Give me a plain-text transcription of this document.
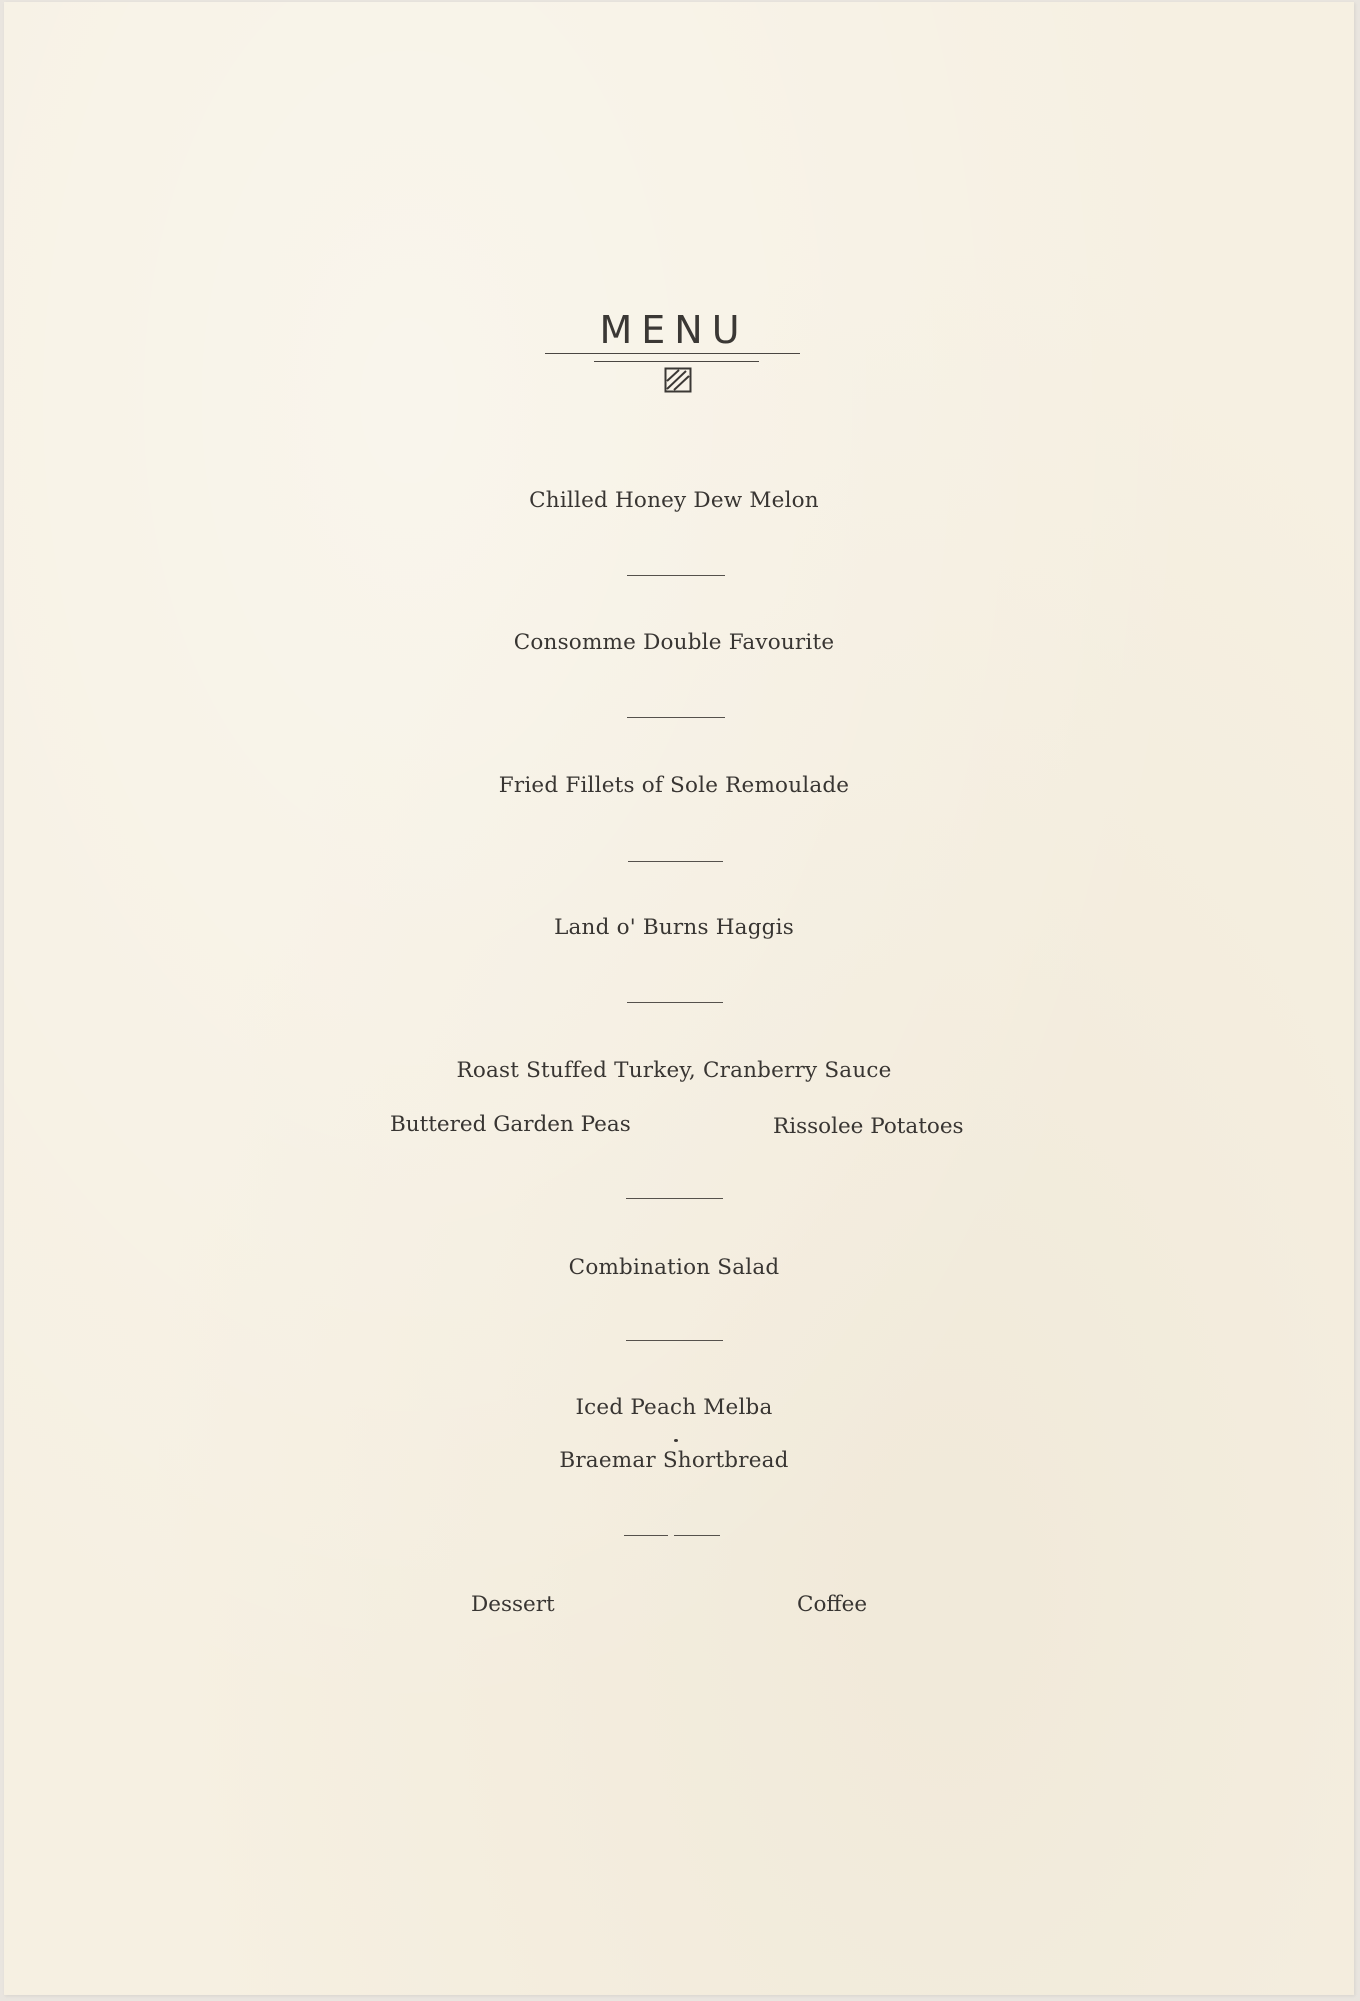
MENU
Chilled Honey Dew Melon
Consomme Double Favourite
Fried Fillets of Sole Remoulade
Land o' Burns Haggis
Roast Stuffed Turkey, Cranberry Sauce
Buttered Garden Peas	Rissolee Potatoes
Combination Salad
Iced Peach Melba
Braemar Shortbread
Dessert	Coffee
